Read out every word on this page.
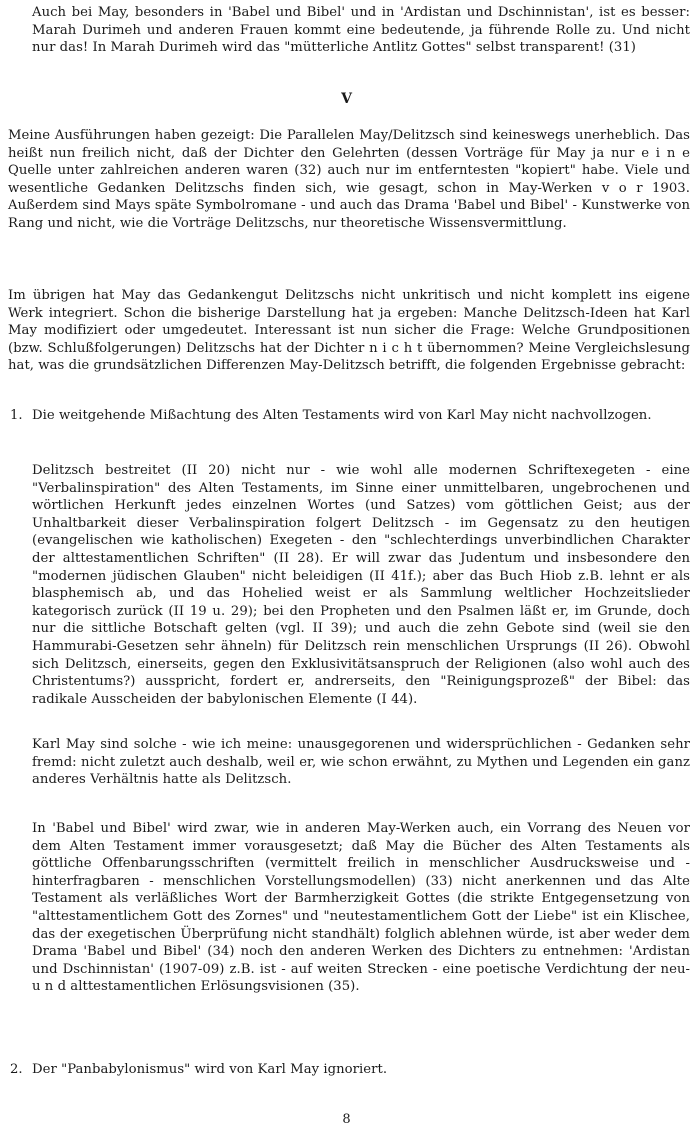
Auch bei May, besonders in 'Babel und Bibel' und in 'Ardistan und Dschinnistan', ist es besser: Marah Durimeh und anderen Frauen kommt eine bedeutende, ja führende Rolle zu. Und nicht nur das! In Marah Durimeh wird das "mütterliche Antlitz Gottes" selbst transparent! (31)

V

Meine Ausführungen haben gezeigt: Die Parallelen May/Delitzsch sind keineswegs unerheblich. Das heißt nun freilich nicht, daß der Dichter den Gelehrten (dessen Vorträge für May ja nur e i n e Quelle unter zahlreichen anderen waren (32) auch nur im entferntesten "kopiert" habe. Viele und wesentliche Gedanken Delitzschs finden sich, wie gesagt, schon in May-Werken v o r 1903. Außerdem sind Mays späte Symbolromane - und auch das Drama 'Babel und Bibel' - Kunstwerke von Rang und nicht, wie die Vorträge Delitzschs, nur theoretische Wissensvermittlung.

Im übrigen hat May das Gedankengut Delitzschs nicht unkritisch und nicht komplett ins eigene Werk integriert. Schon die bisherige Darstellung hat ja ergeben: Manche Delitzsch-Ideen hat Karl May modifiziert oder umgedeutet. Interessant ist nun sicher die Frage: Welche Grundpositionen (bzw. Schlußfolgerungen) Delitzschs hat der Dichter n i c h t übernommen? Meine Vergleichslesung hat, was die grundsätzlichen Differenzen May-Delitzsch betrifft, die folgenden Ergebnisse gebracht:

1. Die weitgehende Mißachtung des Alten Testaments wird von Karl May nicht nachvollzogen.

Delitzsch bestreitet (II 20) nicht nur - wie wohl alle modernen Schriftexegeten - eine "Verbalinspiration" des Alten Testaments, im Sinne einer unmittelbaren, ungebrochenen und wörtlichen Herkunft jedes einzelnen Wortes (und Satzes) vom göttlichen Geist; aus der Unhaltbarkeit dieser Verbalinspiration folgert Delitzsch - im Gegensatz zu den heutigen (evangelischen wie katholischen) Exegeten - den "schlechterdings unverbindlichen Charakter der alttestamentlichen Schriften" (II 28). Er will zwar das Judentum und insbesondere den "modernen jüdischen Glauben" nicht beleidigen (II 41f.); aber das Buch Hiob z.B. lehnt er als blasphemisch ab, und das Hohelied weist er als Sammlung weltlicher Hochzeitslieder kategorisch zurück (II 19 u. 29); bei den Propheten und den Psalmen läßt er, im Grunde, doch nur die sittliche Botschaft gelten (vgl. II 39); und auch die zehn Gebote sind (weil sie den Hammurabi-Gesetzen sehr ähneln) für Delitzsch rein menschlichen Ursprungs (II 26). Obwohl sich Delitzsch, einerseits, gegen den Exklusivitätsanspruch der Religionen (also wohl auch des Christentums?) ausspricht, fordert er, andrerseits, den "Reinigungsprozeß" der Bibel: das radikale Ausscheiden der babylonischen Elemente (I 44).

Karl May sind solche - wie ich meine: unausgegorenen und widersprüchlichen - Gedanken sehr fremd: nicht zuletzt auch deshalb, weil er, wie schon erwähnt, zu Mythen und Legenden ein ganz anderes Verhältnis hatte als Delitzsch.

In 'Babel und Bibel' wird zwar, wie in anderen May-Werken auch, ein Vorrang des Neuen vor dem Alten Testament immer vorausgesetzt; daß May die Bücher des Alten Testaments als göttliche Offenbarungsschriften (vermittelt freilich in menschlicher Ausdrucksweise und - hinterfragbaren - menschlichen Vorstellungsmodellen) (33) nicht anerkennen und das Alte Testament als verläßliches Wort der Barmherzigkeit Gottes (die strikte Entgegensetzung von "alttestamentlichem Gott des Zornes" und "neutestamentlichem Gott der Liebe" ist ein Klischee, das der exegetischen Überprüfung nicht standhält) folglich ablehnen würde, ist aber weder dem Drama 'Babel und Bibel' (34) noch den anderen Werken des Dichters zu entnehmen: 'Ardistan und Dschinnistan' (1907-09) z.B. ist - auf weiten Strecken - eine poetische Verdichtung der neu- u n d alttestamentlichen Erlösungsvisionen (35).

2. Der "Panbabylonismus" wird von Karl May ignoriert.

8
